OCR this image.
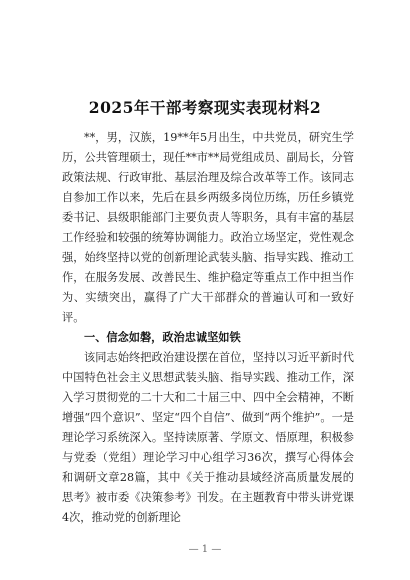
2025年干部考察现实表现材料2
**，男，汉族，19**年5月出生，中共党员，研究生学历，公共管理硕士，现任**市**局党组成员、副局长，分管政策法规、行政审批、基层治理及综合改革等工作。该同志自参加工作以来，先后在县乡两级多岗位历练，历任乡镇党委书记、县级职能部门主要负责人等职务，具有丰富的基层工作经验和较强的统筹协调能力。政治立场坚定，党性观念强，始终坚持以党的创新理论武装头脑、指导实践、推动工作，在服务发展、改善民生、维护稳定等重点工作中担当作为、实绩突出，赢得了广大干部群众的普遍认可和一致好评。
一、信念如磐，政治忠诚坚如铁
该同志始终把政治建设摆在首位，坚持以习近平新时代中国特色社会主义思想武装头脑、指导实践、推动工作，深入学习贯彻党的二十大和二十届三中、四中全会精神，不断增强“四个意识”、坚定“四个自信”、做到“两个维护”。一是理论学习系统深入。坚持读原著、学原文、悟原理，积极参与党委（党组）理论学习中心组学习36次，撰写心得体会和调研文章28篇，其中《关于推动县域经济高质量发展的思考》被市委《决策参考》刊发。在主题教育中带头讲党课4次，推动党的创新理论
— 1 —
